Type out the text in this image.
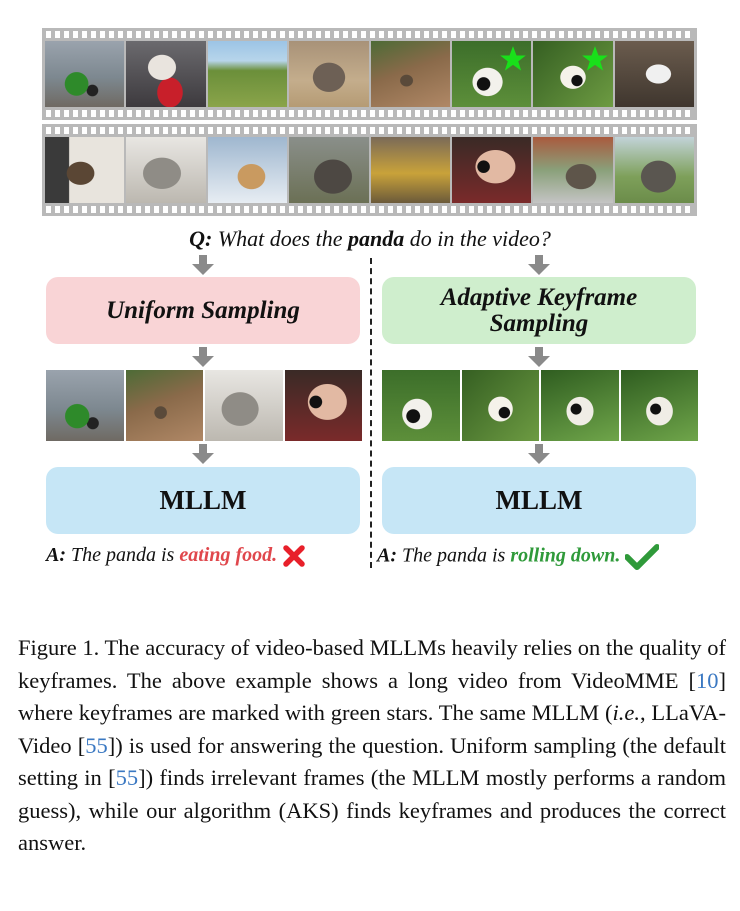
Q: What does the panda do in the video?
Uniform Sampling	Adaptive Keyframe
Sampling
MLLM	MLLM
A: The panda is eating food.	A: The panda is rolling down.
Figure 1. The accuracy of video-based MLLMs heavily relies on the quality of keyframes. The above example shows a long video from VideoMME [10] where keyframes are marked with green stars. The same MLLM (i.e., LLaVA-Video [55]) is used for answering the question. Uniform sampling (the default setting in [55]) finds irrelevant frames (the MLLM mostly performs a random guess), while our algorithm (AKS) finds keyframes and produces the correct answer.
